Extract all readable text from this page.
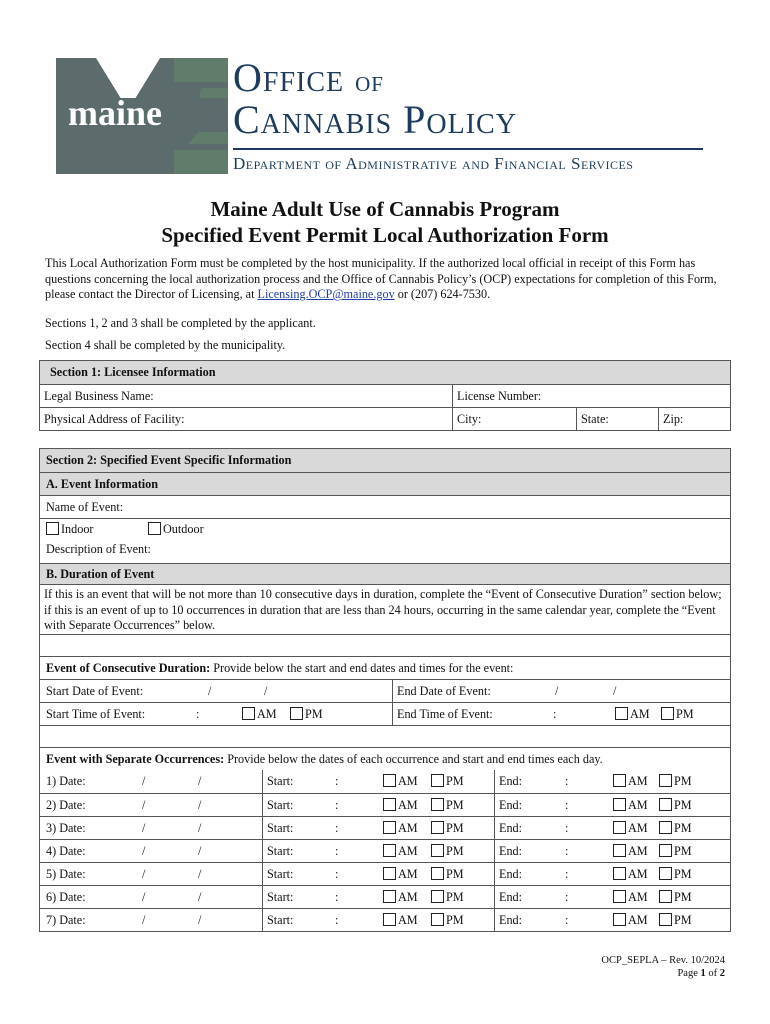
maine
Office of
Cannabis Policy
Department of Administrative and Financial Services
Maine Adult Use of Cannabis Program
Specified Event Permit Local Authorization Form
This Local Authorization Form must be completed by the host municipality. If the authorized local official in receipt of this Form has questions concerning the local authorization process and the Office of Cannabis Policy’s (OCP) expectations for completion of this Form, please contact the Director of Licensing, at Licensing.OCP@maine.gov or (207) 624-7530.
Sections 1, 2 and 3 shall be completed by the applicant.
Section 4 shall be completed by the municipality.
Section 1: Licensee Information
Legal Business Name:	License Number:
Physical Address of Facility:	City:	State:	Zip:
Section 2: Specified Event Specific Information
A. Event Information
Name of Event:
Indoor	Outdoor
Description of Event:
B. Duration of Event
If this is an event that will be not more than 10 consecutive days in duration, complete the “Event of Consecutive Duration” section below; if this is an event of up to 10 occurrences in duration that are less than 24 hours, occurring in the same calendar year, complete the “Event with Separate Occurrences” below.
Event of Consecutive Duration: Provide below the start and end dates and times for the event:
Start Date of Event:	/	/	End Date of Event:	/	/
Start Time of Event:	:	AM	PM	End Time of Event:	:	AM	PM
Event with Separate Occurrences: Provide below the dates of each occurrence and start and end times each day.
1) Date:	/	/	Start:	:	AM	PM	End:	:	AM	PM
2) Date:	/	/	Start:	:	AM	PM	End:	:	AM	PM
3) Date:	/	/	Start:	:	AM	PM	End:	:	AM	PM
4) Date:	/	/	Start:	:	AM	PM	End:	:	AM	PM
5) Date:	/	/	Start:	:	AM	PM	End:	:	AM	PM
6) Date:	/	/	Start:	:	AM	PM	End:	:	AM	PM
7) Date:	/	/	Start:	:	AM	PM	End:	:	AM	PM
OCP_SEPLA – Rev. 10/2024
Page 1 of 2
